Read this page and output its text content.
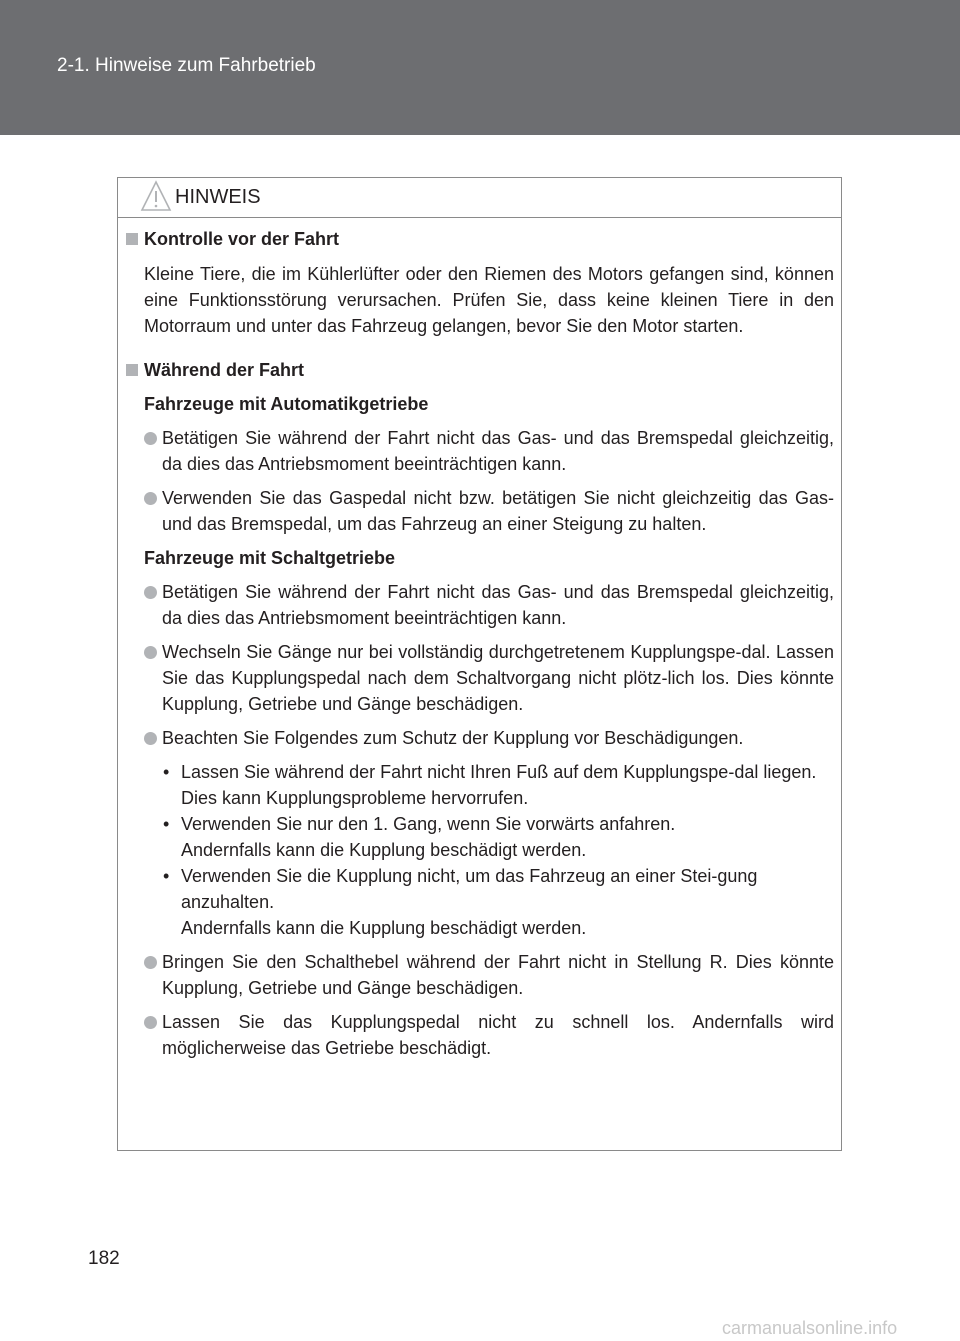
2-1. Hinweise zum Fahrbetrieb
HINWEIS
Kontrolle vor der Fahrt
Kleine Tiere, die im Kühlerlüfter oder den Riemen des Motors gefangen sind, können eine Funktionsstörung verursachen. Prüfen Sie, dass keine kleinen Tiere in den Motorraum und unter das Fahrzeug gelangen, bevor Sie den Motor starten.
Während der Fahrt
Fahrzeuge mit Automatikgetriebe
Betätigen Sie während der Fahrt nicht das Gas- und das Bremspedal gleichzeitig, da dies das Antriebsmoment beeinträchtigen kann.
Verwenden Sie das Gaspedal nicht bzw. betätigen Sie nicht gleichzeitig das Gas- und das Bremspedal, um das Fahrzeug an einer Steigung zu halten.
Fahrzeuge mit Schaltgetriebe
Betätigen Sie während der Fahrt nicht das Gas- und das Bremspedal gleichzeitig, da dies das Antriebsmoment beeinträchtigen kann.
Wechseln Sie Gänge nur bei vollständig durchgetretenem Kupplungspe-dal. Lassen Sie das Kupplungspedal nach dem Schaltvorgang nicht plötz-lich los. Dies könnte Kupplung, Getriebe und Gänge beschädigen.
Beachten Sie Folgendes zum Schutz der Kupplung vor Beschädigungen.
• Lassen Sie während der Fahrt nicht Ihren Fuß auf dem Kupplungspe-dal liegen.
Dies kann Kupplungsprobleme hervorrufen.
• Verwenden Sie nur den 1. Gang, wenn Sie vorwärts anfahren.
Andernfalls kann die Kupplung beschädigt werden.
• Verwenden Sie die Kupplung nicht, um das Fahrzeug an einer Stei-gung anzuhalten.
Andernfalls kann die Kupplung beschädigt werden.
Bringen Sie den Schalthebel während der Fahrt nicht in Stellung R. Dies könnte Kupplung, Getriebe und Gänge beschädigen.
Lassen Sie das Kupplungspedal nicht zu schnell los. Andernfalls wird möglicherweise das Getriebe beschädigt.
182
carmanualsonline.info
